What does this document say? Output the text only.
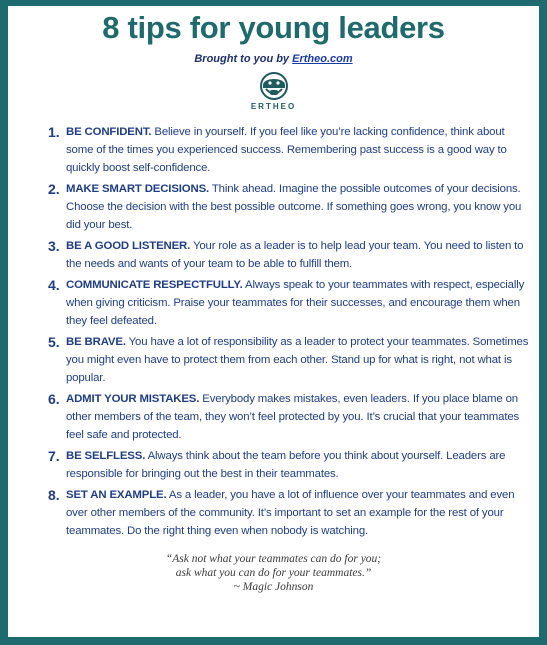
8 tips for young leaders
Brought to you by Ertheo.com
ERTHEO
1. BE CONFIDENT. Believe in yourself. If you feel like you’re lacking confidence, think about some of the times you experienced success. Remembering past success is a good way to quickly boost self-confidence.
2. MAKE SMART DECISIONS. Think ahead. Imagine the possible outcomes of your decisions. Choose the decision with the best possible outcome. If something goes wrong, you know you did your best.
3. BE A GOOD LISTENER. Your role as a leader is to help lead your team. You need to listen to the needs and wants of your team to be able to fulfill them.
4. COMMUNICATE RESPECTFULLY. Always speak to your teammates with respect, especially when giving criticism. Praise your teammates for their successes, and encourage them when they feel defeated.
5. BE BRAVE. You have a lot of responsibility as a leader to protect your teammates. Sometimes you might even have to protect them from each other. Stand up for what is right, not what is popular.
6. ADMIT YOUR MISTAKES. Everybody makes mistakes, even leaders. If you place blame on other members of the team, they won’t feel protected by you. It’s crucial that your teammates feel safe and protected.
7. BE SELFLESS. Always think about the team before you think about yourself. Leaders are responsible for bringing out the best in their teammates.
8. SET AN EXAMPLE. As a leader, you have a lot of influence over your teammates and even over other members of the community. It’s important to set an example for the rest of your teammates. Do the right thing even when nobody is watching.
“Ask not what your teammates can do for you;
ask what you can do for your teammates.”
~ Magic Johnson
